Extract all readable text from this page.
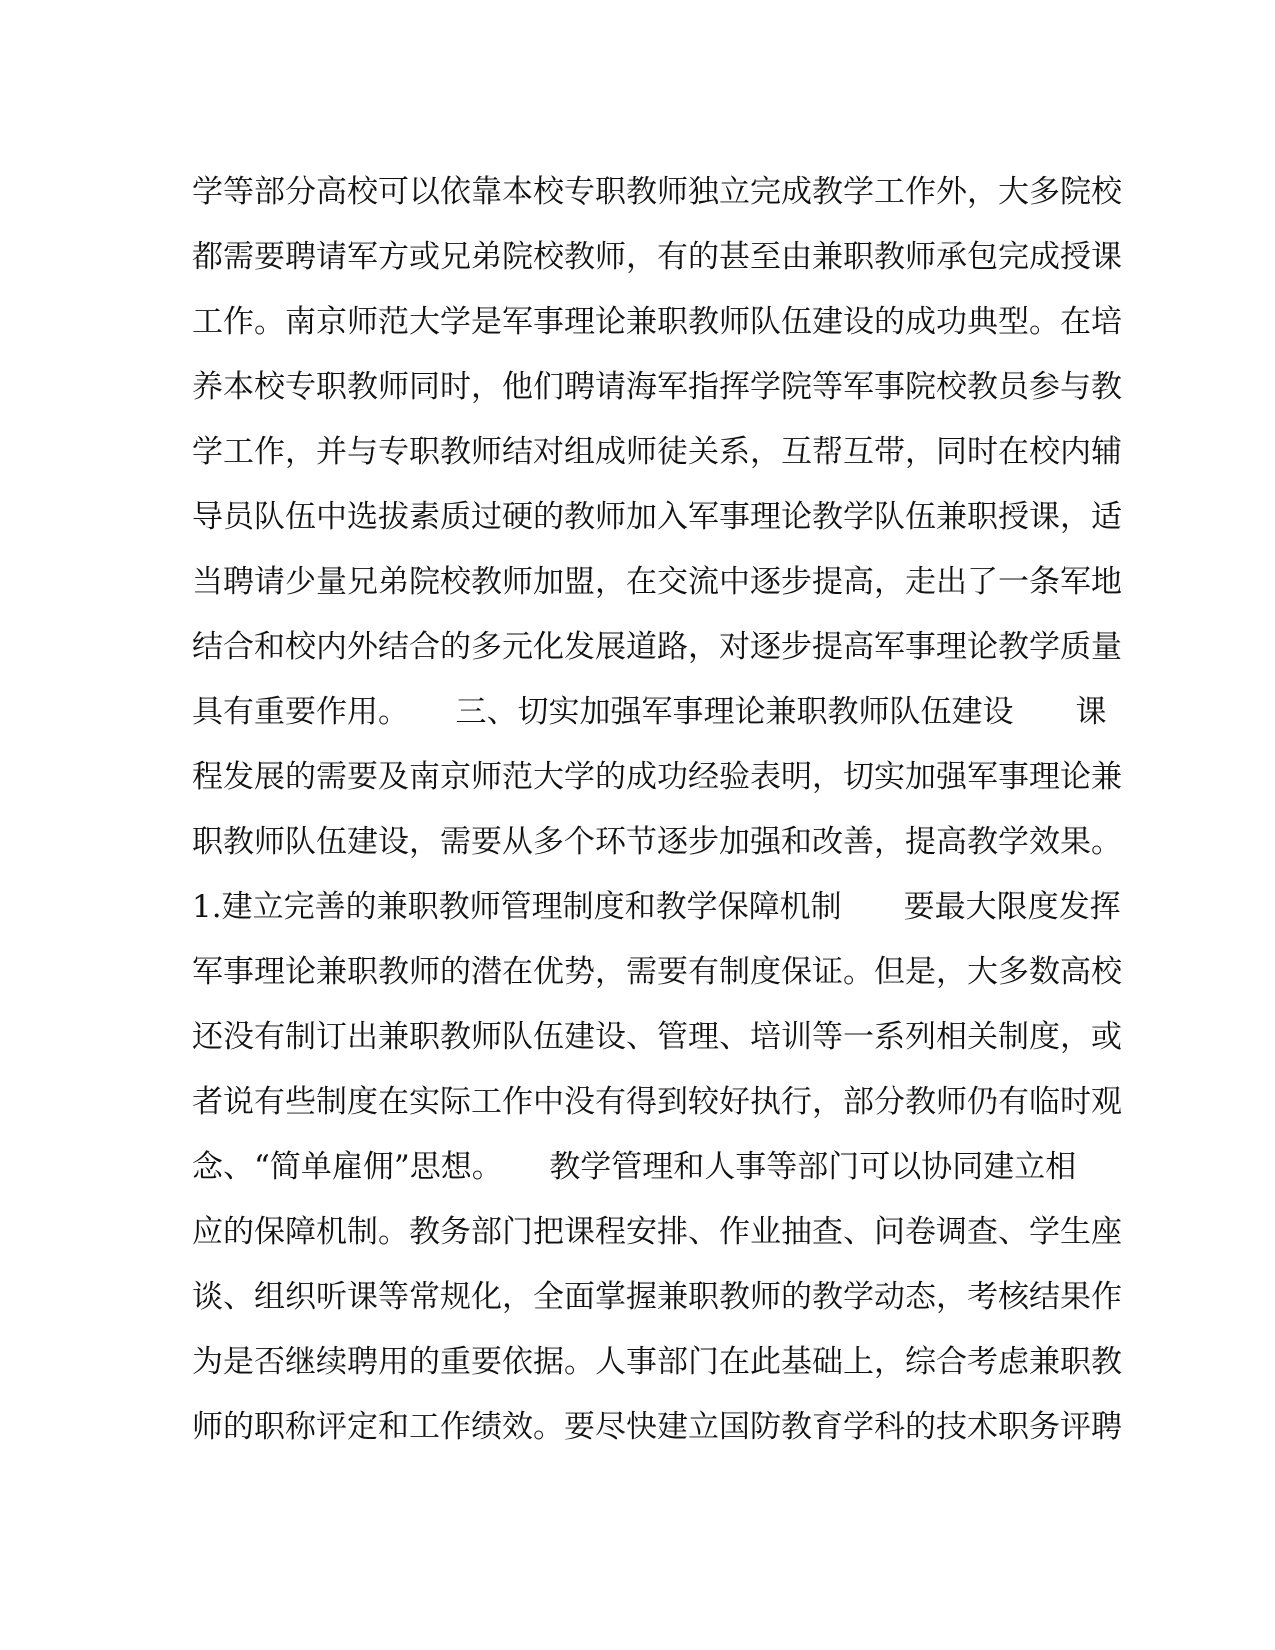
学等部分高校可以依靠本校专职教师独立完成教学工作外，大多院校
都需要聘请军方或兄弟院校教师，有的甚至由兼职教师承包完成授课
工作。南京师范大学是军事理论兼职教师队伍建设的成功典型。在培
养本校专职教师同时，他们聘请海军指挥学院等军事院校教员参与教
学工作，并与专职教师结对组成师徒关系，互帮互带，同时在校内辅
导员队伍中选拔素质过硬的教师加入军事理论教学队伍兼职授课，适
当聘请少量兄弟院校教师加盟，在交流中逐步提高，走出了一条军地
结合和校内外结合的多元化发展道路，对逐步提高军事理论教学质量
具有重要作用。　　三、切实加强军事理论兼职教师队伍建设　　课
程发展的需要及南京师范大学的成功经验表明，切实加强军事理论兼
职教师队伍建设，需要从多个环节逐步加强和改善，提高教学效果。
1.建立完善的兼职教师管理制度和教学保障机制　　要最大限度发挥
军事理论兼职教师的潜在优势，需要有制度保证。但是，大多数高校
还没有制订出兼职教师队伍建设、管理、培训等一系列相关制度，或
者说有些制度在实际工作中没有得到较好执行，部分教师仍有临时观
念、“简单雇佣”思想。　　教学管理和人事等部门可以协同建立相
应的保障机制。教务部门把课程安排、作业抽查、问卷调查、学生座
谈、组织听课等常规化，全面掌握兼职教师的教学动态，考核结果作
为是否继续聘用的重要依据。人事部门在此基础上，综合考虑兼职教
师的职称评定和工作绩效。要尽快建立国防教育学科的技术职务评聘
